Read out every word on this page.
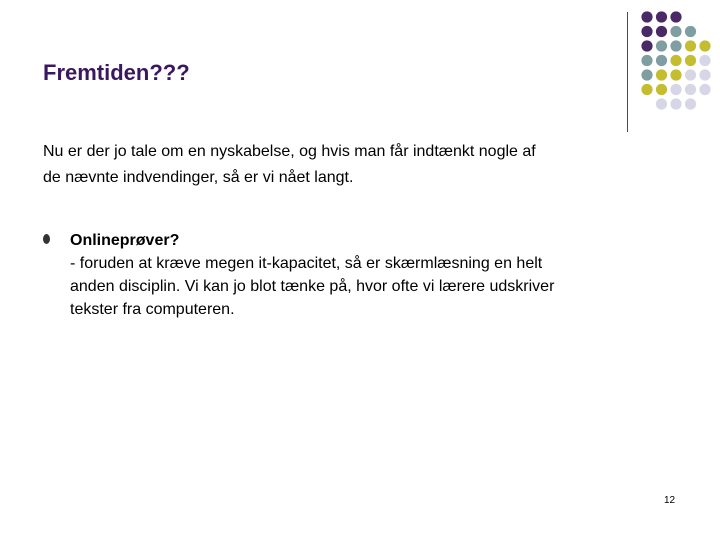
Fremtiden???

Nu er der jo tale om en nyskabelse, og hvis man får indtænkt nogle af
de nævnte indvendinger, så er vi nået langt.

Onlineprøver?
- foruden at kræve megen it-kapacitet, så er skærmlæsning en helt
anden disciplin. Vi kan jo blot tænke på, hvor ofte vi lærere udskriver
tekster fra computeren.
12
